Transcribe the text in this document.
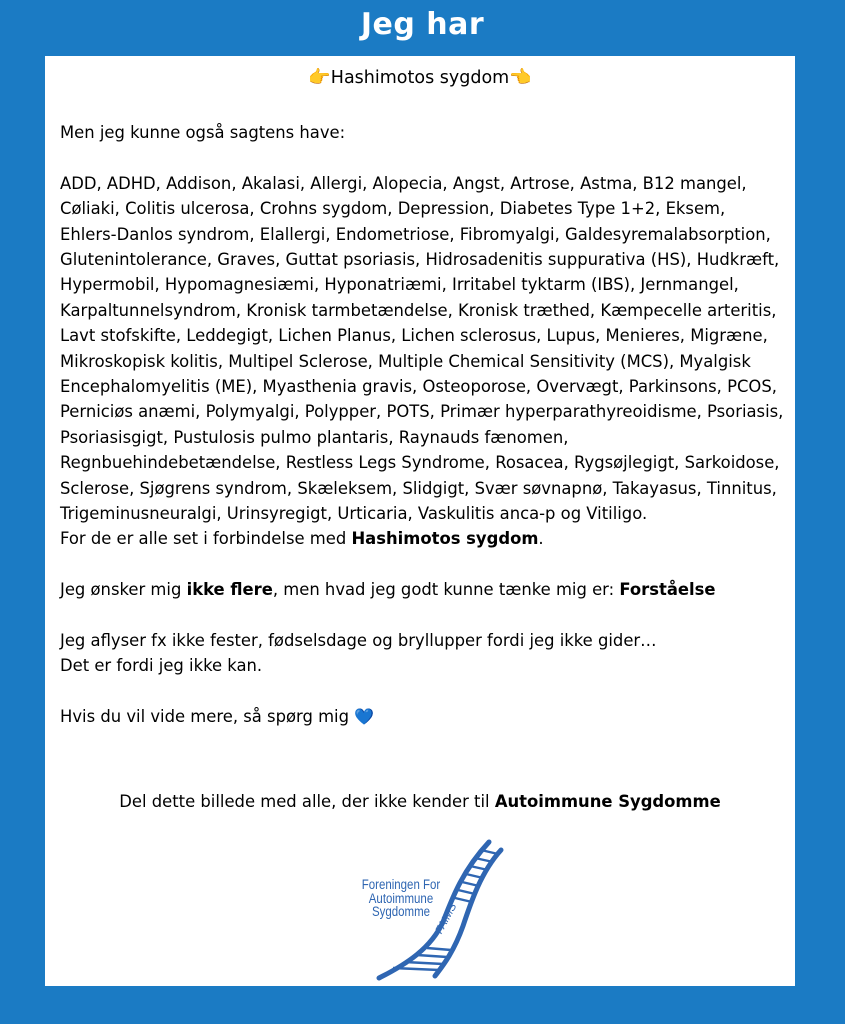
Jeg har
👉Hashimotos sygdom👈

Men jeg kunne også sagtens have:

ADD, ADHD, Addison, Akalasi, Allergi, Alopecia, Angst, Artrose, Astma, B12 mangel, Cøliaki, Colitis ulcerosa, Crohns sygdom, Depression, Diabetes Type 1+2, Eksem, Ehlers-Danlos syndrom, Elallergi, Endometriose, Fibromyalgi, Galdesyremalabsorption, Glutenintolerance, Graves, Guttat psoriasis, Hidrosadenitis suppurativa (HS), Hudkræft, Hypermobil, Hypomagnesiæmi, Hyponatriæmi, Irritabel tyktarm (IBS), Jernmangel, Karpaltunnelsyndrom, Kronisk tarmbetændelse, Kronisk træthed, Kæmpecelle arteritis, Lavt stofskifte, Leddegigt, Lichen Planus, Lichen sclerosus, Lupus, Menieres, Migræne, Mikroskopisk kolitis, Multipel Sclerose, Multiple Chemical Sensitivity (MCS), Myalgisk Encephalomyelitis (ME), Myasthenia gravis, Osteoporose, Overvægt, Parkinsons, PCOS, Perniciøs anæmi, Polymyalgi, Polypper, POTS, Primær hyperparathyreoidisme, Psoriasis, Psoriasisgigt, Pustulosis pulmo plantaris, Raynauds fænomen, Regnbuehindebetændelse, Restless Legs Syndrome, Rosacea, Rygsøjlegigt, Sarkoidose, Sclerose, Sjøgrens syndrom, Skæleksem, Slidgigt, Svær søvnapnø, Takayasus, Tinnitus, Trigeminusneuralgi, Urinsyregigt, Urticaria, Vaskulitis anca-p og Vitiligo.

For de er alle set i forbindelse med Hashimotos sygdom.

Jeg ønsker mig ikke flere, men hvad jeg godt kunne tænke mig er: Forståelse

Jeg aflyser fx ikke fester, fødselsdage og bryllupper fordi jeg ikke gider…

Det er fordi jeg ikke kan.

Hvis du vil vide mere, så spørg mig 💙

Del dette billede med alle, der ikke kender til Autoimmune Sygdomme
FAIMS
Foreningen For
Autoimmune
Sygdomme
